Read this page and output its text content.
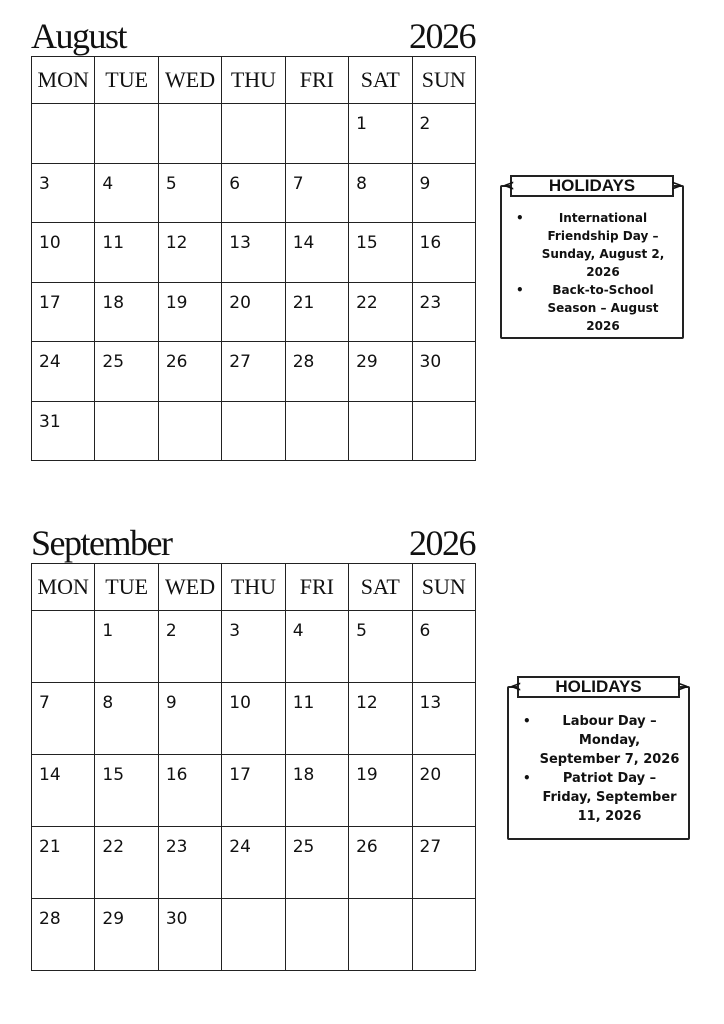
August	2026
MON	TUE	WED	THU	FRI	SAT	SUN
					1	2
3	4	5	6	7	8	9
10	11	12	13	14	15	16
17	18	19	20	21	22	23
24	25	26	27	28	29	30
31						
< HOLIDAYS	>
•	International Friendship Day – Sunday, August 2, 2026
• Back-to-School Season – August 2026
September	2026
MON	TUE	WED	THU	FRI	SAT	SUN
	1	2	3	4	5	6
7	8	9	10	11	12	13
14	15	16	17	18	19	20
21	22	23	24	25	26	27
28	29	30				
< HOLIDAYS	>
• Labour Day – Monday, September 7, 2026
• Patriot Day – Friday, September 11, 2026
